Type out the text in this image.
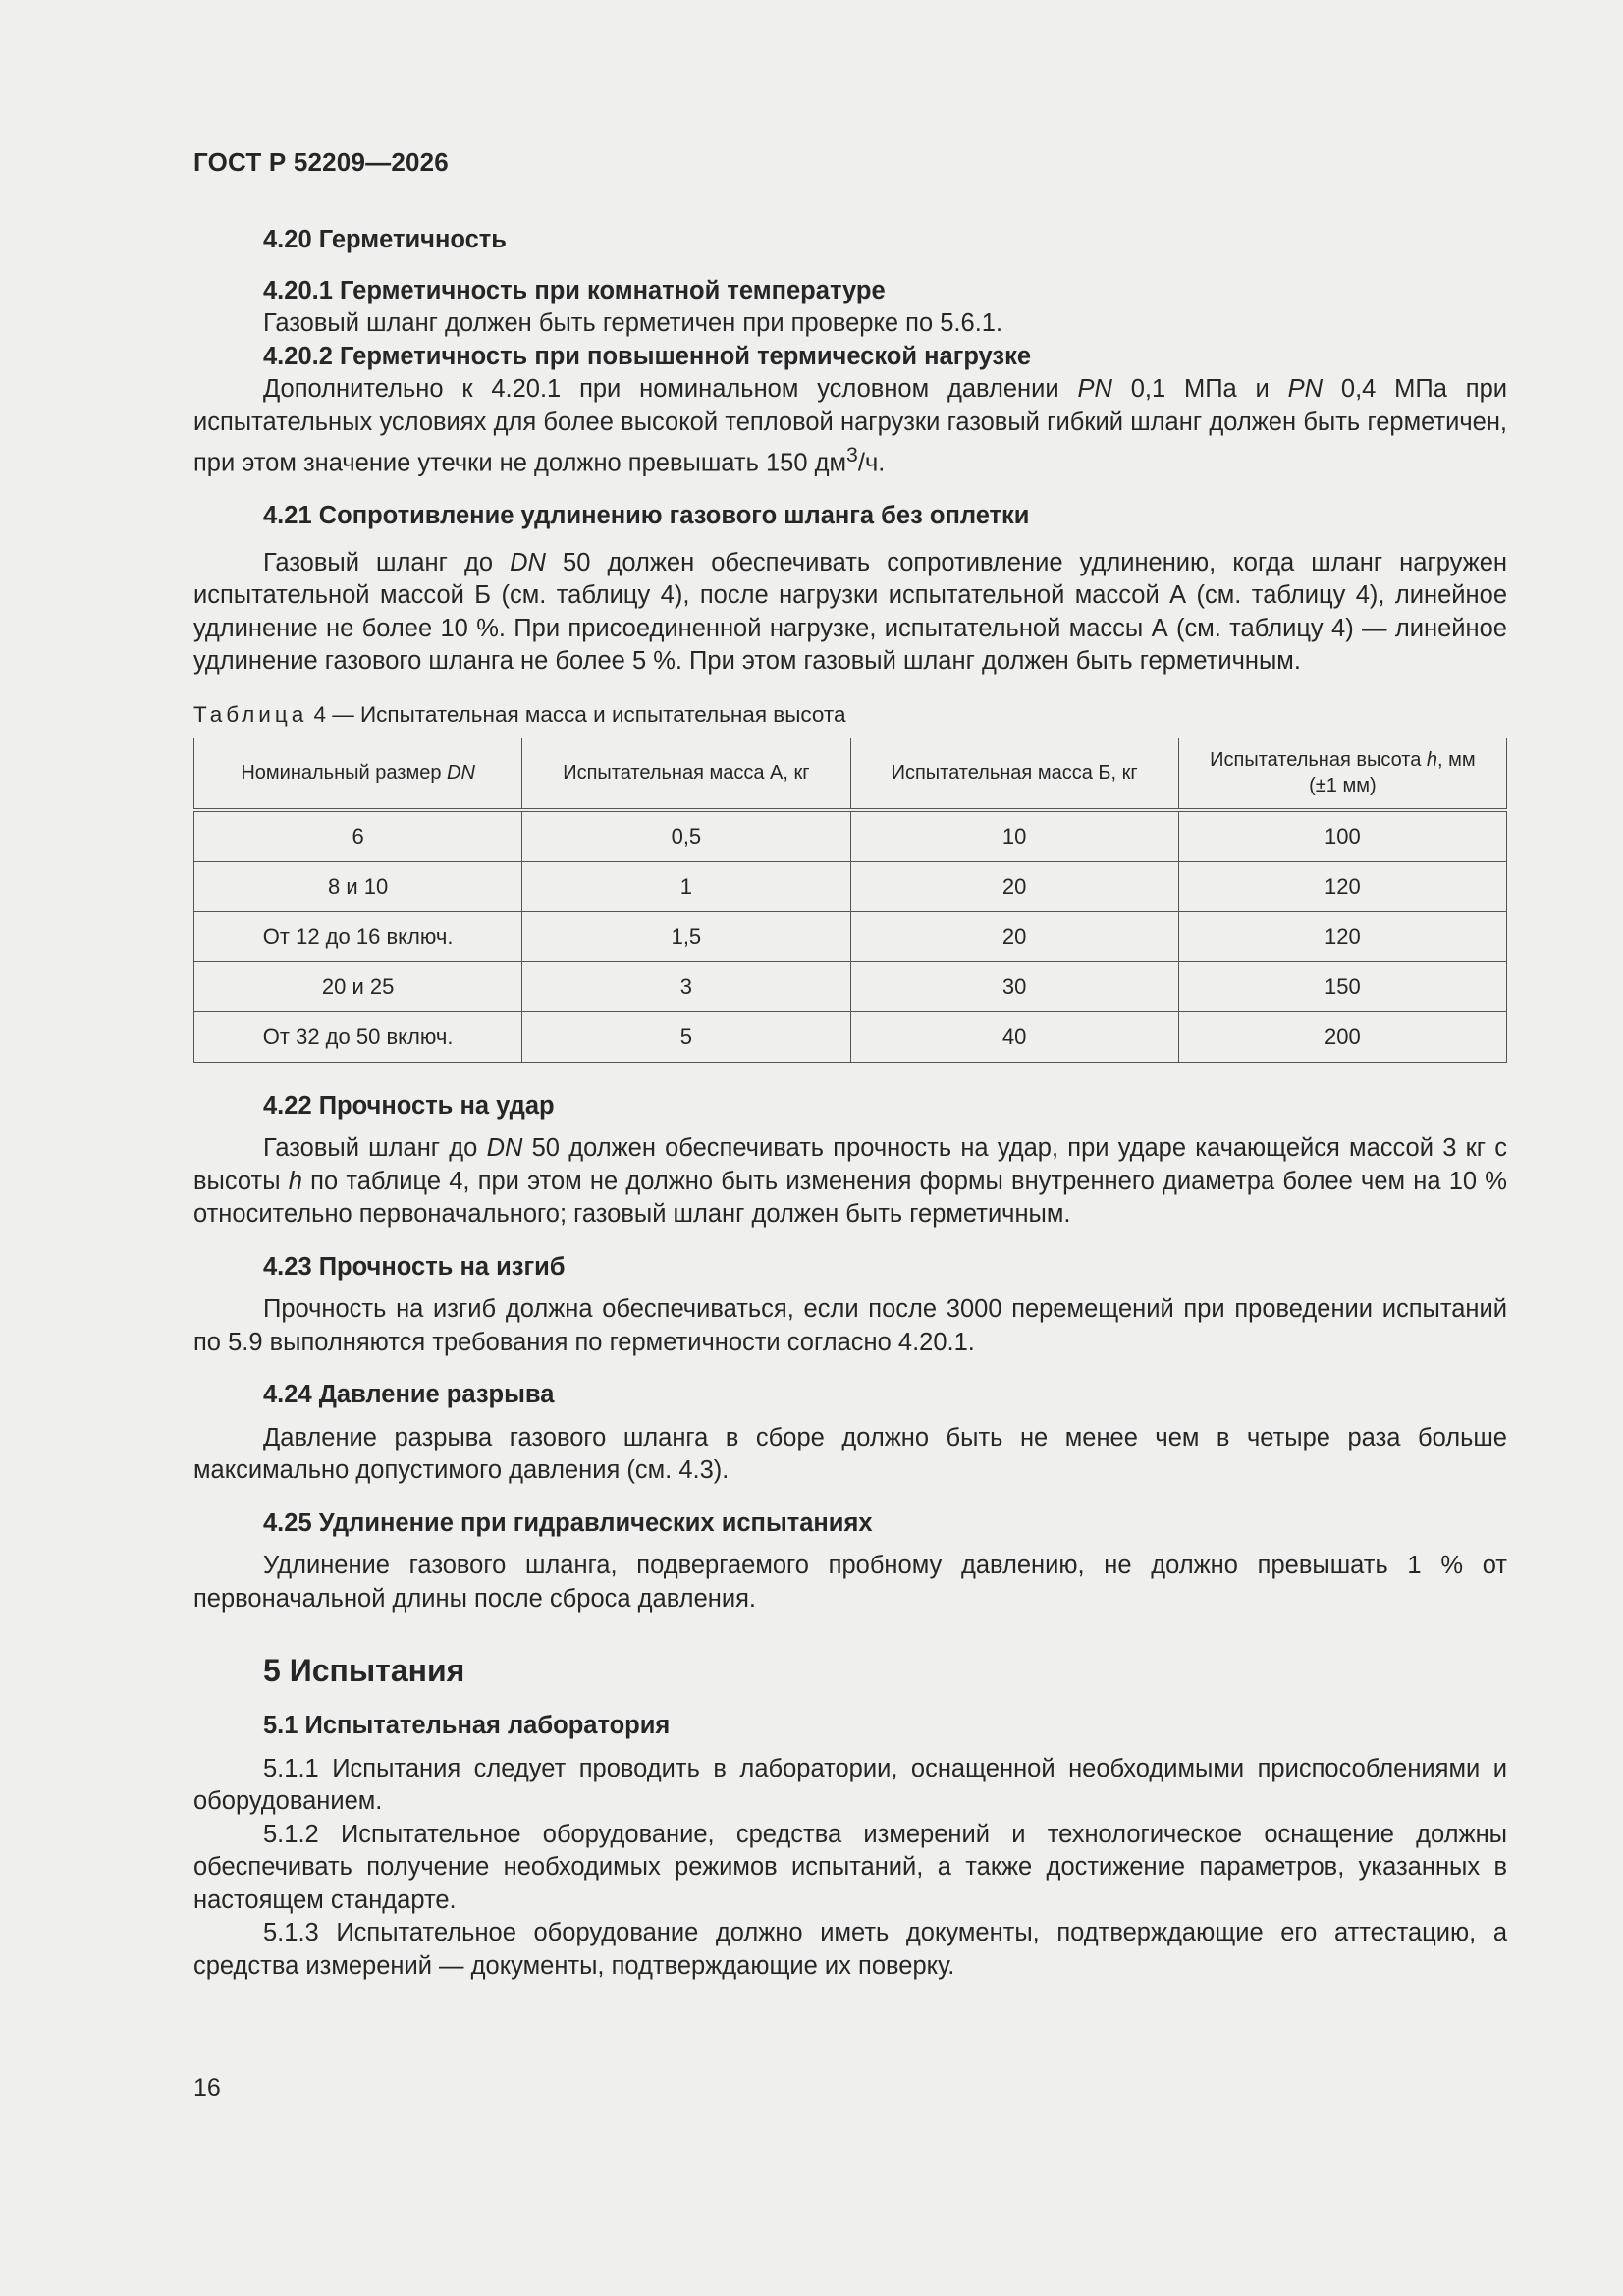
ГОСТ Р 52209—2026
4.20 Герметичность
4.20.1 Герметичность при комнатной температуре
Газовый шланг должен быть герметичен при проверке по 5.6.1.
4.20.2 Герметичность при повышенной термической нагрузке
Дополнительно к 4.20.1 при номинальном условном давлении PN 0,1 МПа и PN 0,4 МПа при испытательных условиях для более высокой тепловой нагрузки газовый гибкий шланг должен быть герметичен, при этом значение утечки не должно превышать 150 $дм^3/ч$.
4.21 Сопротивление удлинению газового шланга без оплетки
Газовый шланг до DN 50 должен обеспечивать сопротивление удлинению, когда шланг нагружен испытательной массой Б (см. таблицу 4), после нагрузки испытательной массой А (см. таблицу 4), линейное удлинение не более 10 %. При присоединенной нагрузке, испытательной массы А (см. таблицу 4) — линейное удлинение газового шланга не более 5 %. При этом газовый шланг должен быть герметичным.
Таблица 4 — Испытательная масса и испытательная высота
Номинальный размер DN	Испытательная масса А, кг	Испытательная масса Б, кг	Испытательная высота h, мм
(±1 мм)
6	0,5	10	100
8 и 10	1	20	120
От 12 до 16 включ.	1,5	20	120
20 и 25	3	30	150
От 32 до 50 включ.	5	40	200
4.22 Прочность на удар
Газовый шланг до DN 50 должен обеспечивать прочность на удар, при ударе качающейся массой 3 кг с высоты h по таблице 4, при этом не должно быть изменения формы внутреннего диаметра более чем на 10 % относительно первоначального; газовый шланг должен быть герметичным.
4.23 Прочность на изгиб
Прочность на изгиб должна обеспечиваться, если после 3000 перемещений при проведении испытаний по 5.9 выполняются требования по герметичности согласно 4.20.1.
4.24 Давление разрыва
Давление разрыва газового шланга в сборе должно быть не менее чем в четыре раза больше максимально допустимого давления (см. 4.3).
4.25 Удлинение при гидравлических испытаниях
Удлинение газового шланга, подвергаемого пробному давлению, не должно превышать 1 % от первоначальной длины после сброса давления.
5 Испытания
5.1 Испытательная лаборатория
5.1.1 Испытания следует проводить в лаборатории, оснащенной необходимыми приспособлениями и оборудованием.
5.1.2 Испытательное оборудование, средства измерений и технологическое оснащение должны обеспечивать получение необходимых режимов испытаний, а также достижение параметров, указанных в настоящем стандарте.
5.1.3 Испытательное оборудование должно иметь документы, подтверждающие его аттестацию, а средства измерений — документы, подтверждающие их поверку.
16
